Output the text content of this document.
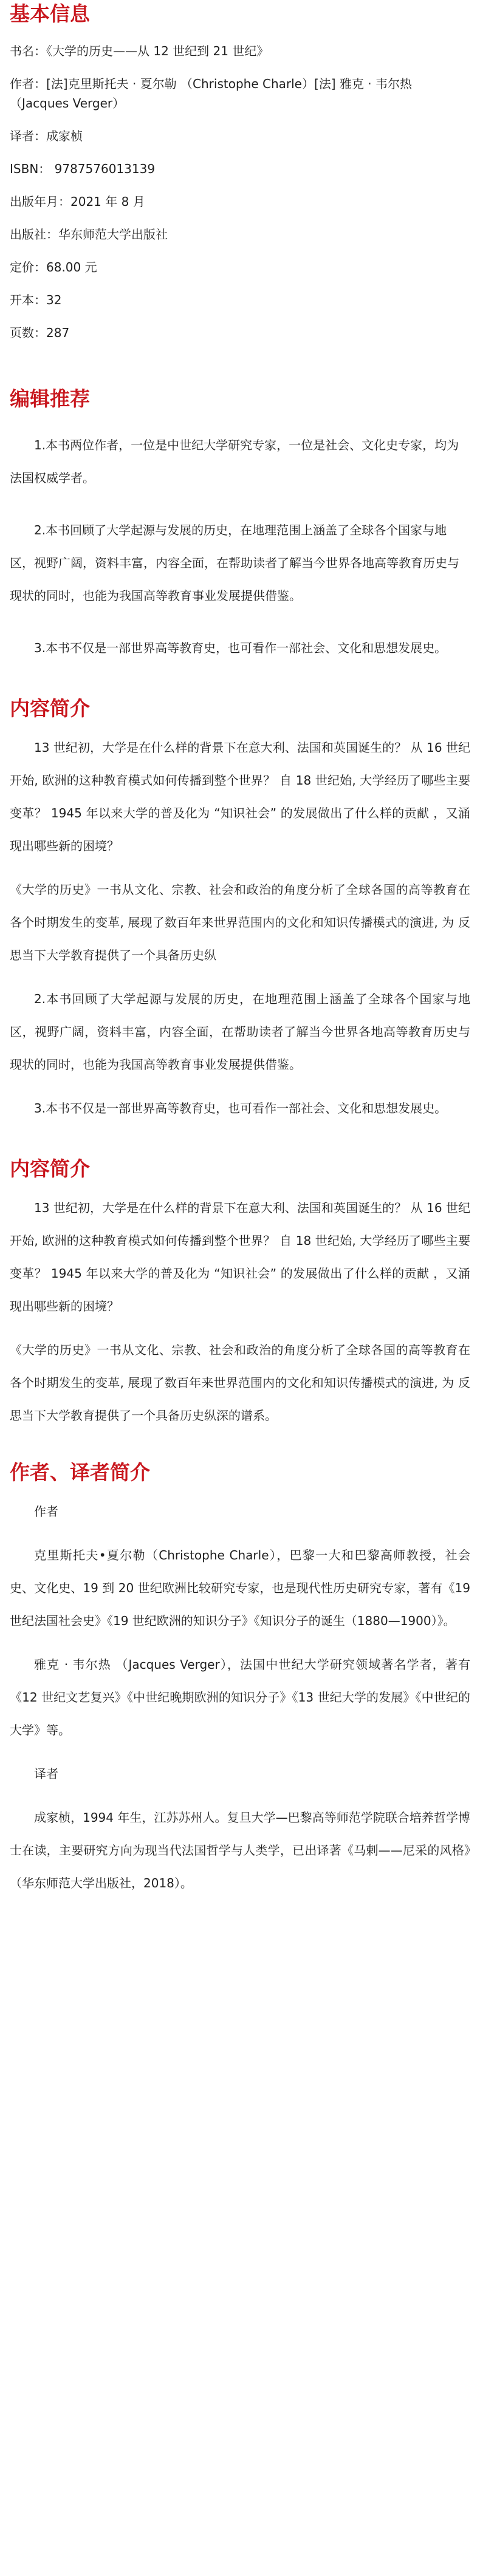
基本信息

书名：《大学的历史——从 12 世纪到 21 世纪》

作者：[法]克里斯托夫 · 夏尔勒 （Christophe Charle）[法] 雅克 · 韦尔热 （Jacques Verger）

译者：成家桢

ISBN： 9787576013139

出版年月：2021 年 8 月

出版社：华东师范大学出版社

定价：68.00 元

开本：32

页数：287

编辑推荐

1.本书两位作者，一位是中世纪大学研究专家，一位是社会、文化史专家，均为法国权威学者。

2.本书回顾了大学起源与发展的历史，在地理范围上涵盖了全球各个国家与地区，视野广阔，资料丰富，内容全面，在帮助读者了解当今世界各地高等教育历史与现状的同时，也能为我国高等教育事业发展提供借鉴。

3.本书不仅是一部世界高等教育史，也可看作一部社会、文化和思想发展史。

内容简介

13 世纪初，大学是在什么样的背景下在意大利、法国和英国诞生的？ 从 16 世纪开始, 欧洲的这种教育模式如何传播到整个世界？ 自 18 世纪始, 大学经历了哪些主要变革？ 1945 年以来大学的普及化为 “知识社会” 的发展做出了什么样的贡献 ，又涌现出哪些新的困境？

《大学的历史》一书从文化、宗教、社会和政治的角度分析了全球各国的高等教育在各个时期发生的变革, 展现了数百年来世界范围内的文化和知识传播模式的演进, 为 反思当下大学教育提供了一个具备历史纵

2.本书回顾了大学起源与发展的历史，在地理范围上涵盖了全球各个国家与地区，视野广阔，资料丰富，内容全面，在帮助读者了解当今世界各地高等教育历史与现状的同时，也能为我国高等教育事业发展提供借鉴。

3.本书不仅是一部世界高等教育史，也可看作一部社会、文化和思想发展史。

内容简介

13 世纪初，大学是在什么样的背景下在意大利、法国和英国诞生的？ 从 16 世纪开始, 欧洲的这种教育模式如何传播到整个世界？ 自 18 世纪始, 大学经历了哪些主要变革？ 1945 年以来大学的普及化为 “知识社会” 的发展做出了什么样的贡献 ，又涌现出哪些新的困境？

《大学的历史》一书从文化、宗教、社会和政治的角度分析了全球各国的高等教育在各个时期发生的变革, 展现了数百年来世界范围内的文化和知识传播模式的演进, 为 反思当下大学教育提供了一个具备历史纵深的谱系。

作者、译者简介

作者

克里斯托夫•夏尔勒（Christophe Charle），巴黎一大和巴黎高师教授，社会史、文化史、19 到 20 世纪欧洲比较研究专家，也是现代性历史研究专家，著有《19 世纪法国社会史》《19 世纪欧洲的知识分子》《知识分子的诞生（1880—1900）》。

雅克 · 韦尔热 （Jacques Verger），法国中世纪大学研究领域著名学者，著有《12 世纪文艺复兴》《中世纪晚期欧洲的知识分子》《13 世纪大学的发展》《中世纪的大学》等。

译者

成家桢，1994 年生，江苏苏州人。复旦大学—巴黎高等师范学院联合培养哲学博士在读，主要研究方向为现当代法国哲学与人类学，已出译著《马剌——尼采的风格》（华东师范大学出版社，2018）。
